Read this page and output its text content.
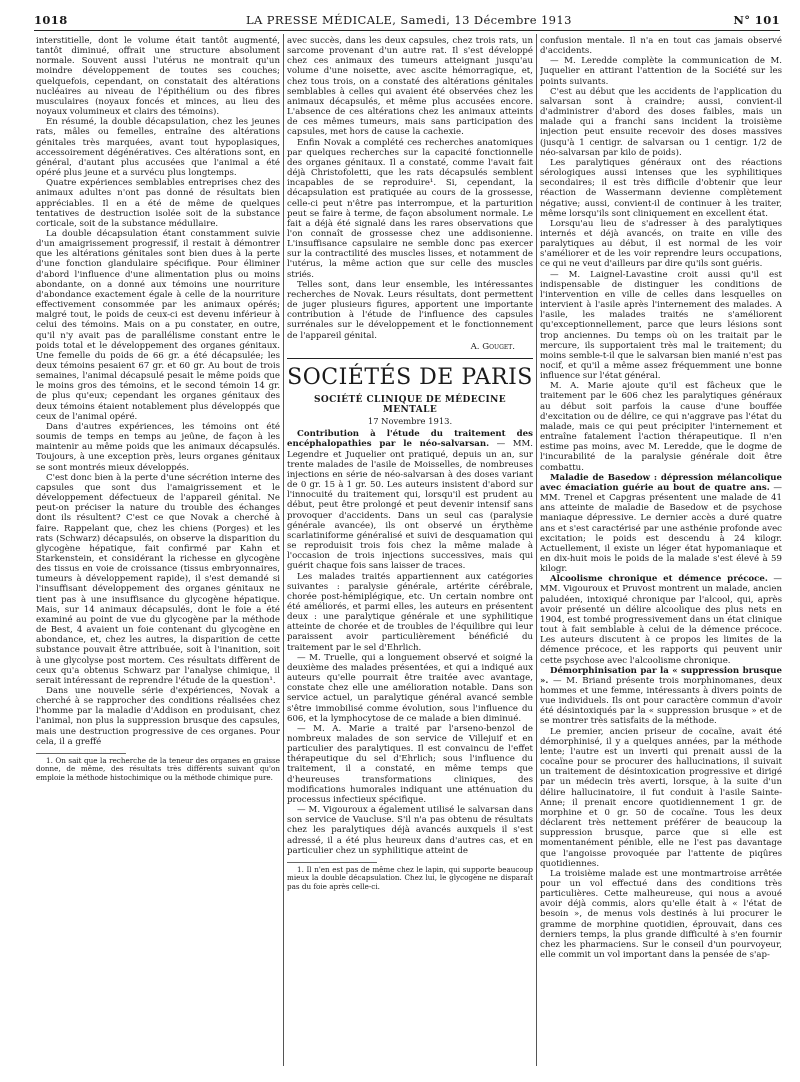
1018	LA PRESSE MÉDICALE, Samedi, 13 Décembre 1913	N° 101

interstitielle, dont le volume était tantôt augmenté, tantôt diminué, offrait une structure absolument normale. Souvent aussi l'utérus ne montrait qu'un moindre développement de toutes ses couches; quelquefois, cependant, on constatait des altérations nucléaires au niveau de l'épithélium ou des fibres musculaires (noyaux foncés et minces, au lieu des noyaux volumineux et clairs des témoins).

En résumé, la double décapsulation, chez les jeunes rats, mâles ou femelles, entraîne des altérations génitales très marquées, avant tout hypoplasiques, accessoirement dégénératives. Ces altérations sont, en général, d'autant plus accusées que l'animal a été opéré plus jeune et a survécu plus longtemps.

Quatre expériences semblables entreprises chez des animaux adultes n'ont pas donné de résultats bien appréciables. Il en a été de même de quelques tentatives de destruction isolée soit de la substance corticale, soit de la substance médullaire.

La double décapsulation étant constamment suivie d'un amaigrissement progressif, il restait à démontrer que les altérations génitales sont bien dues à la perte d'une fonction glandulaire spécifique. Pour éliminer d'abord l'influence d'une alimentation plus ou moins abondante, on a donné aux témoins une nourriture d'abondance exactement égale à celle de la nourriture effectivement consommée par les animaux opérés; malgré tout, le poids de ceux-ci est devenu inférieur à celui des témoins. Mais on a pu constater, en outre, qu'il n'y avait pas de parallélisme constant entre le poids total et le développement des organes génitaux. Une femelle du poids de 66 gr. a été décapsulée; les deux témoins pesaient 67 gr. et 60 gr. Au bout de trois semaines, l'animal décapsulé pesait le même poids que le moins gros des témoins, et le second témoin 14 gr. de plus qu'eux; cependant les organes génitaux des deux témoins étaient notablement plus développés que ceux de l'animal opéré.

Dans d'autres expériences, les témoins ont été soumis de temps en temps au jeûne, de façon à les maintenir au même poids que les animaux décapsulés. Toujours, à une exception près, leurs organes génitaux se sont montrés mieux développés.

C'est donc bien à la perte d'une sécrétion interne des capsules que sont dus l'amaigrissement et le développement défectueux de l'appareil génital. Ne peut-on préciser la nature du trouble des échanges dont ils résultent? C'est ce que Novak a cherché à faire. Rappelant que, chez les chiens (Porges) et les rats (Schwarz) décapsulés, on observe la disparition du glycogène hépatique, fait confirmé par Kahn et Starkenstein, et considérant la richesse en glycogène des tissus en voie de croissance (tissus embryonnaires, tumeurs à développement rapide), il s'est demandé si l'insuffisant développement des organes génitaux ne tient pas à une insuffisance du glycogène hépatique. Mais, sur 14 animaux décapsulés, dont le foie a été examiné au point de vue du glycogène par la méthode de Best, 4 avaient un foie contenant du glycogène en abondance, et, chez les autres, la disparition de cette substance pouvait être attribuée, soit à l'inanition, soit à une glycolyse post mortem. Ces résultats diffèrent de ceux qu'a obtenus Schwarz par l'analyse chimique, il serait intéressant de reprendre l'étude de la question¹.

Dans une nouvelle série d'expériences, Novak a cherché à se rapprocher des conditions réalisées chez l'homme par la maladie d'Addison en produisant, chez l'animal, non plus la suppression brusque des capsules, mais une destruction progressive de ces organes. Pour cela, il a greffé

1. On sait que la recherche de la teneur des organes en graisse donne, de même, des résultats très différents suivant qu'on emploie la méthode histochimique ou la méthode chimique pure.

avec succès, dans les deux capsules, chez trois rats, un sarcome provenant d'un autre rat. Il s'est développé chez ces animaux des tumeurs atteignant jusqu'au volume d'une noisette, avec ascite hémorragique, et, chez tous trois, on a constaté des altérations génitales semblables à celles qui avaient été observées chez les animaux décapsulés, et même plus accusées encore. L'absence de ces altérations chez les animaux atteints de ces mêmes tumeurs, mais sans participation des capsules, met hors de cause la cachexie.

Enfin Novak a complété ces recherches anatomiques par quelques recherches sur la capacité fonctionnelle des organes génitaux. Il a constaté, comme l'avait fait déjà Christofoletti, que les rats décapsulés semblent incapables de se reproduire¹. Si, cependant, la décapsulation est pratiquée au cours de la grossesse, celle-ci peut n'être pas interrompue, et la parturition peut se faire à terme, de façon absolument normale. Le fait a déjà été signalé dans les rares observations que l'on connaît de grossesse chez une addisonienne. L'insuffisance capsulaire ne semble donc pas exercer sur la contractilité des muscles lisses, et notamment de l'utérus, la même action que sur celle des muscles striés.

Telles sont, dans leur ensemble, les intéressantes recherches de Novak. Leurs résultats, dont permettent de juger plusieurs figures, apportent une importante contribution à l'étude de l'influence des capsules surrénales sur le développement et le fonctionnement de l'appareil génital.

A. Gouget.
SOCIÉTÉS DE PARIS
SOCIÉTÉ CLINIQUE DE MÉDECINE MENTALE
17 Novembre 1913.

Contribution à l'étude du traitement des encéphalopathies par le néo-salvarsan. — MM. Legendre et Juquelier ont pratiqué, depuis un an, sur trente malades de l'asile de Moisselles, de nombreuses injections en série de néo-salvarsan à des doses variant de 0 gr. 15 à 1 gr. 50. Les auteurs insistent d'abord sur l'innocuité du traitement qui, lorsqu'il est prudent au début, peut être prolongé et peut devenir intensif sans provoquer d'accidents. Dans un seul cas (paralysie générale avancée), ils ont observé un érythème scarlatiniforme généralisé et suivi de desquamation qui se reproduisit trois fois chez la même malade à l'occasion de trois injections successives, mais qui guérit chaque fois sans laisser de traces.

Les malades traités appartiennent aux catégories suivantes : paralysie générale, artérite cérébrale, chorée post-hémiplégique, etc. Un certain nombre ont été améliorés, et parmi elles, les auteurs en présentent deux : une paralytique générale et une syphilitique atteinte de chorée et de troubles de l'équilibre qui leur paraissent avoir particulièrement bénéficié du traitement par le sel d'Ehrlich.

— M. Truelle, qui a longuement observé et soigné la deuxième des malades présentées, et qui a indiqué aux auteurs qu'elle pourrait être traitée avec avantage, constate chez elle une amélioration notable. Dans son service actuel, un paralytique général avancé semble s'être immobilisé comme évolution, sous l'influence du 606, et la lymphocytose de ce malade a bien diminué.

— M. A. Marie a traité par l'arseno-benzol de nombreux malades de son service de Villejuif et en particulier des paralytiques. Il est convaincu de l'effet thérapeutique du sel d'Ehrlich; sous l'influence du traitement, il a constaté, en même temps que d'heureuses transformations cliniques, des modifications humorales indiquant une atténuation du processus infectieux spécifique.

— M. Vigouroux a également utilisé le salvarsan dans son service de Vaucluse. S'il n'a pas obtenu de résultats chez les paralytiques déjà avancés auxquels il s'est adressé, il a été plus heureux dans d'autres cas, et en particulier chez un syphilitique atteint de

1. Il n'en est pas de même chez le lapin, qui supporte beaucoup mieux la double décapsulation. Chez lui, le glycogène ne disparaît pas du foie après celle-ci.

confusion mentale. Il n'a en tout cas jamais observé d'accidents.

— M. Leredde complète la communication de M. Juquelier en attirant l'attention de la Société sur les points suivants.

C'est au début que les accidents de l'application du salvarsan sont à craindre; aussi, convient-il d'administrer d'abord des doses faibles, mais un malade qui a franchi sans incident la troisième injection peut ensuite recevoir des doses massives (jusqu'à 1 centigr. de salvarsan ou 1 centigr. 1/2 de néo-salvarsan par kilo de poids).

Les paralytiques généraux ont des réactions sérologiques aussi intenses que les syphilitiques secondaires; il est très difficile d'obtenir que leur réaction de Wassermann devienne complètement négative; aussi, convient-il de continuer à les traiter, même lorsqu'ils sont cliniquement en excellent état.

Lorsqu'au lieu de s'adresser à des paralytiques internés et déjà avancés, on traite en ville des paralytiques au début, il est normal de les voir s'améliorer et de les voir reprendre leurs occupations, ce qui ne veut d'ailleurs par dire qu'ils sont guéris.

— M. Laignel-Lavastine croit aussi qu'il est indispensable de distinguer les conditions de l'intervention en ville de celles dans lesquelles on intervient à l'asile après l'internement des malades. A l'asile, les malades traités ne s'améliorent qu'exceptionnellement, parce que leurs lésions sont trop anciennes. Du temps où on les traitait par le mercure, ils supportaient très mal le traitement; du moins semble-t-il que le salvarsan bien manié n'est pas nocif, et qu'il a même assez fréquemment une bonne influence sur l'état général.

M. A. Marie ajoute qu'il est fâcheux que le traitement par le 606 chez les paralytiques généraux au début soit parfois la cause d'une bouffée d'excitation ou de délire, ce qui n'aggrave pas l'état du malade, mais ce qui peut précipiter l'internement et entraîne fatalement l'action thérapeutique. Il n'en estime pas moins, avec M. Leredde, que le dogme de l'incurabilité de la paralysie générale doit être combattu.

Maladie de Basedow : dépression mélancolique avec émaciation guérie au bout de quatre ans. — MM. Trenel et Capgras présentent une malade de 41 ans atteinte de maladie de Basedow et de psychose maniaque dépressive. Le dernier accès a duré quatre ans et s'est caractérisé par une asthénie profonde avec excitation; le poids est descendu à 24 kilogr. Actuellement, il existe un léger état hypomaniaque et en dix-huit mois le poids de la malade s'est élevé à 59 kilogr.

Alcoolisme chronique et démence précoce. — MM. Vigouroux et Pruvost montrent un malade, ancien paludéen, intoxiqué chronique par l'alcool, qui, après avoir présenté un délire alcoolique des plus nets en 1904, est tombé progressivement dans un état clinique tout à fait semblable à celui de la démence précoce. Les auteurs discutent à ce propos les limites de la démence précoce, et les rapports qui peuvent unir cette psychose avec l'alcoolisme chronique.

Démorphinisation par la « suppression brusque ». — M. Briand présente trois morphinomanes, deux hommes et une femme, intéressants à divers points de vue individuels. Ils ont pour caractère commun d'avoir été désintoxiqués par la « suppression brusque » et de se montrer très satisfaits de la méthode.

Le premier, ancien priseur de cocaïne, avait été démorphinisé, il y a quelques années, par la méthode lente; l'autre est un inverti qui prenait aussi de la cocaïne pour se procurer des hallucinations, il suivait un traitement de désintoxication progressive et dirigé par un médecin très averti, lorsque, à la suite d'un délire hallucinatoire, il fut conduit à l'asile Sainte-Anne; il prenait encore quotidiennement 1 gr. de morphine et 0 gr. 50 de cocaïne. Tous les deux déclarent très nettement préférer de beaucoup la suppression brusque, parce que si elle est momentanément pénible, elle ne l'est pas davantage que l'angoisse provoquée par l'attente de piqûres quotidiennes.

La troisième malade est une montmartroise arrêtée pour un vol effectué dans des conditions très particulières. Cette malheureuse, qui nous a avoué avoir déjà commis, alors qu'elle était à « l'état de besoin », de menus vols destinés à lui procurer le gramme de morphine quotidien, éprouvait, dans ces derniers temps, la plus grande difficulté à s'en fournir chez les pharmaciens. Sur le conseil d'un pourvoyeur, elle commit un vol important dans la pensée de s'ap-
